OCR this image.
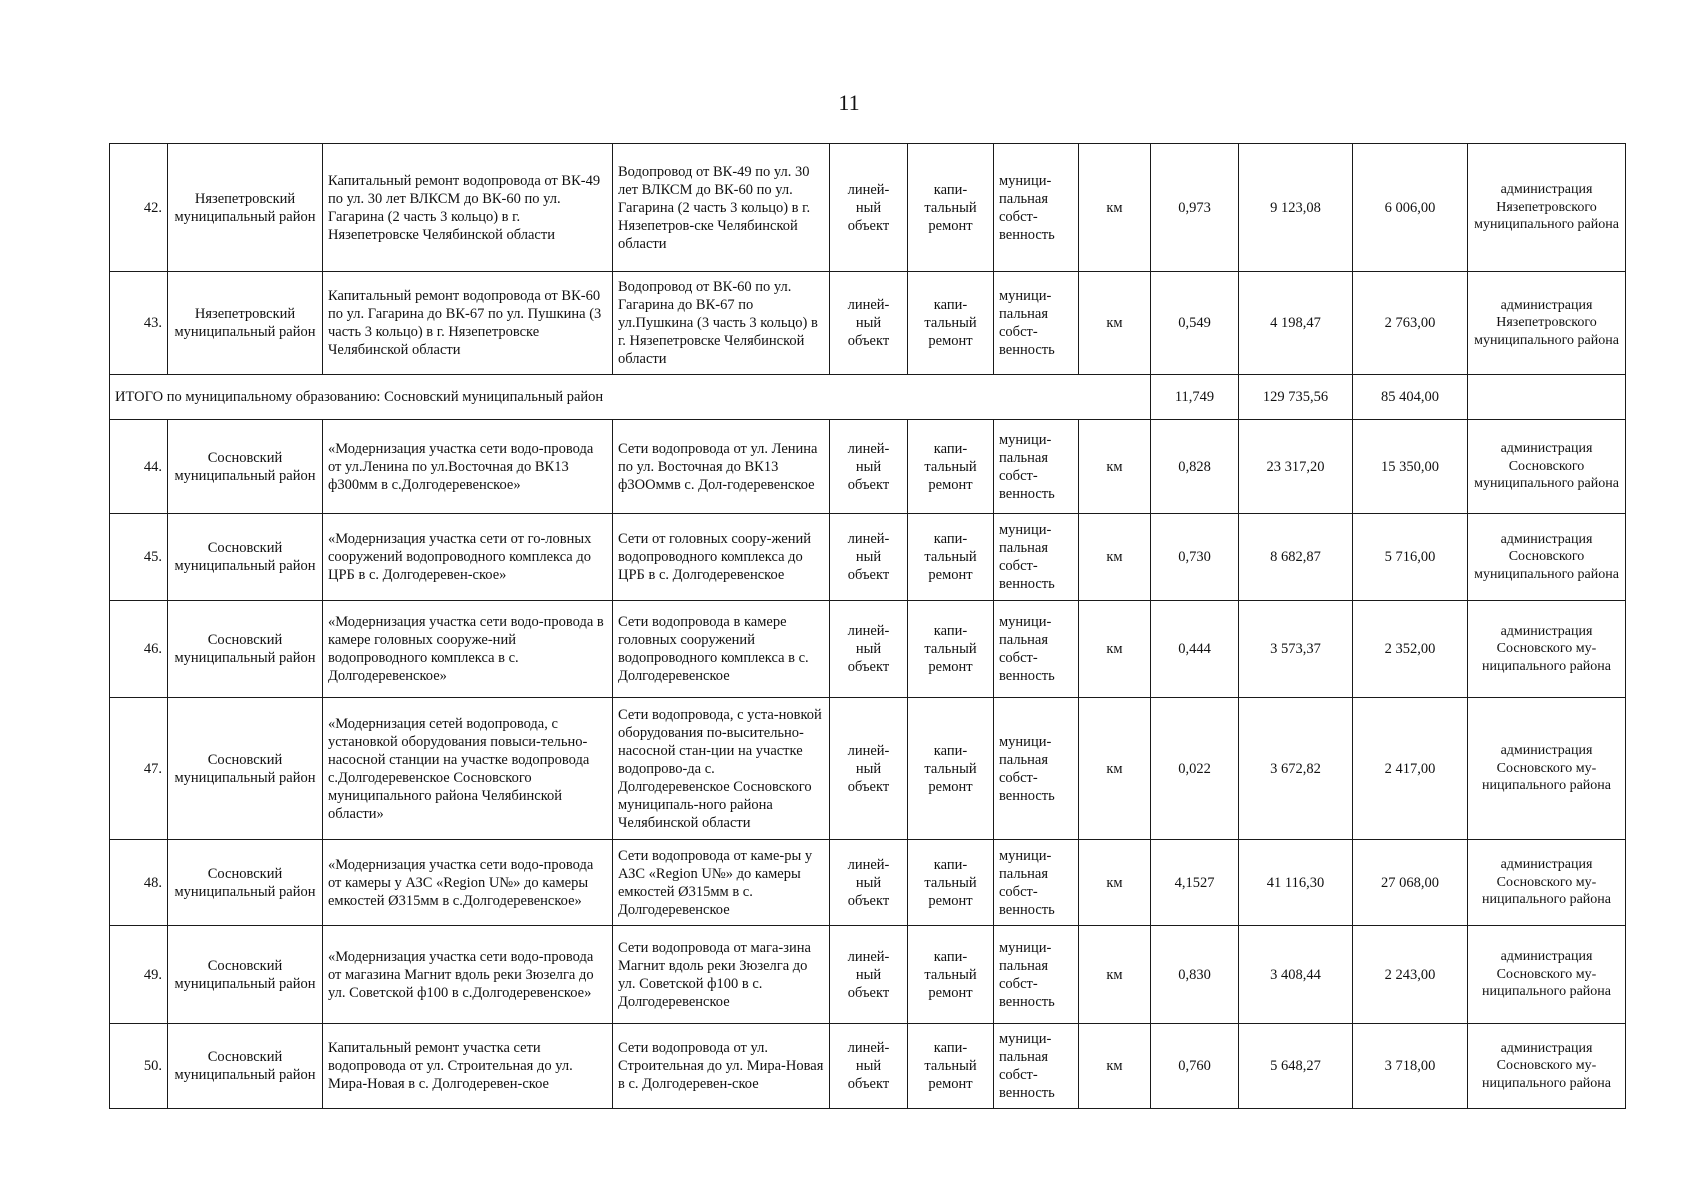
11
42.	Нязепетровский муниципальный район	Капитальный ремонт водопровода от ВК-49 по ул. 30 лет ВЛКСМ до ВК-60 по ул. Гагарина (2 часть 3 кольцо) в г. Нязепетровске Челябинской области	Водопровод от ВК-49 по ул. 30 лет ВЛКСМ до ВК-60 по ул. Гагарина (2 часть 3 кольцо) в г. Нязепетров-ске Челябинской области	линей-ный объект	капи-тальный ремонт	муници-пальная собст-венность	км	0,973	9 123,08	6 006,00	администрация Нязепетровского муниципального района
43.	Нязепетровский муниципальный район	Капитальный ремонт водопровода от ВК-60 по ул. Гагарина до ВК-67 по ул. Пушкина (3 часть 3 кольцо) в г. Нязепетровске Челябинской области	Водопровод от ВК-60 по ул. Гагарина до ВК-67 по ул.Пушкина (3 часть 3 кольцо) в г. Нязепетровске Челябинской области	линей-ный объект	капи-тальный ремонт	муници-пальная собст-венность	км	0,549	4 198,47	2 763,00	администрация Нязепетровского муниципального района
ИТОГО по муниципальному образованию: Сосновский муниципальный район								11,749	129 735,56	85 404,00	
44.	Сосновский муниципальный район	«Модернизация участка сети водо-провода от ул.Ленина по ул.Восточная до ВК13 ф300мм в с.Долгодеревенское»	Сети водопровода от ул. Ленина по ул. Восточная до ВК13 ф3ООммв с. Дол-годеревенское	линей-ный объект	капи-тальный ремонт	муници-пальная собст-венность	км	0,828	23 317,20	15 350,00	администрация Сосновского муниципального района
45.	Сосновский муниципальный район	«Модернизация участка сети от го-ловных сооружений водопроводного комплекса до ЦРБ в с. Долгодеревен-ское»	Сети от головных соору-жений водопроводного комплекса до ЦРБ в с. Долгодеревенское	линей-ный объект	капи-тальный ремонт	муници-пальная собст-венность	км	0,730	8 682,87	5 716,00	администрация Сосновского муниципального района
46.	Сосновский муниципальный район	«Модернизация участка сети водо-провода в камере головных сооруже-ний водопроводного комплекса в с. Долгодеревенское»	Сети водопровода в камере головных сооружений водопроводного комплекса в с. Долгодеревенское	линей-ный объект	капи-тальный ремонт	муници-пальная собст-венность	км	0,444	3 573,37	2 352,00	администрация Сосновского му-ниципального района
47.	Сосновский муниципальный район	«Модернизация сетей водопровода, с установкой оборудования повыси-тельно-насосной станции на участке водопровода с.Долгодеревенское Сосновского муниципального района Челябинской области»	Сети водопровода, с уста-новкой оборудования по-высительно-насосной стан-ции на участке водопрово-да с. Долгодеревенское Сосновского муниципаль-ного района Челябинской области	линей-ный объект	капи-тальный ремонт	муници-пальная собст-венность	км	0,022	3 672,82	2 417,00	администрация Сосновского му-ниципального района
48.	Сосновский муниципальный район	«Модернизация участка сети водо-провода от камеры у АЗС «Region U№» до камеры емкостей Ø315мм в с.Долгодеревенское»	Сети водопровода от каме-ры у АЗС «Region U№» до камеры емкостей Ø315мм в с. Долгодеревенское	линей-ный объект	капи-тальный ремонт	муници-пальная собст-венность	км	4,1527	41 116,30	27 068,00	администрация Сосновского му-ниципального района
49.	Сосновский муниципальный район	«Модернизация участка сети водо-провода от магазина Магнит вдоль реки Зюзелга до ул. Советской ф100 в с.Долгодеревенское»	Сети водопровода от мага-зина Магнит вдоль реки Зюзелга до ул. Советской ф100 в с. Долгодеревенское	линей-ный объект	капи-тальный ремонт	муници-пальная собст-венность	км	0,830	3 408,44	2 243,00	администрация Сосновского му-ниципального района
50.	Сосновский муниципальный район	Капитальный ремонт участка сети водопровода от ул. Строительная до ул. Мира-Новая в с. Долгодеревен-ское	Сети водопровода от ул. Строительная до ул. Мира-Новая в с. Долгодеревен-ское	линей-ный объект	капи-тальный ремонт	муници-пальная собст-венность	км	0,760	5 648,27	3 718,00	администрация Сосновского му-ниципального района
